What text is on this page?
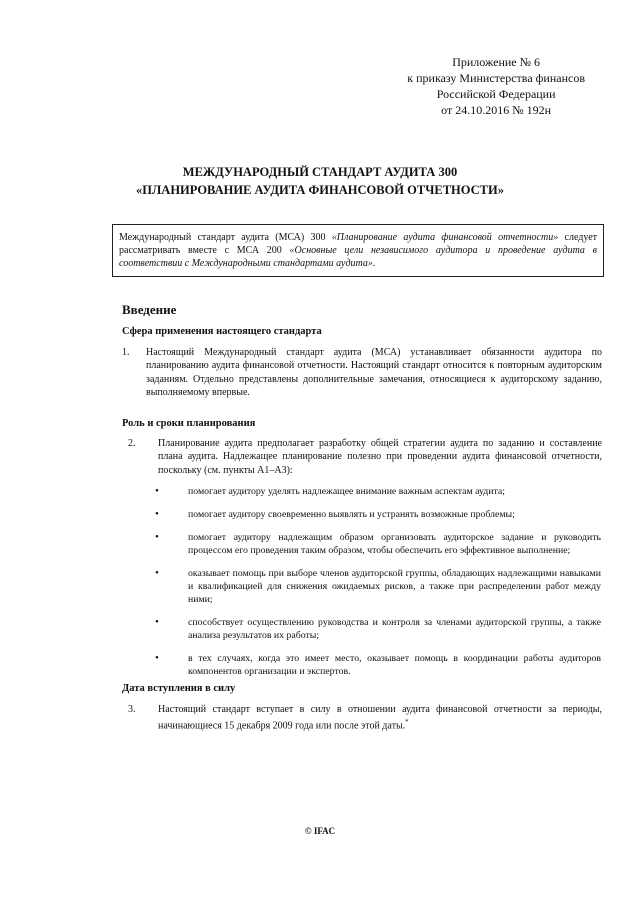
Приложение № 6
к приказу Министерства финансов
Российской Федерации
от 24.10.2016 № 192н
МЕЖДУНАРОДНЫЙ СТАНДАРТ АУДИТА 300
«ПЛАНИРОВАНИЕ АУДИТА ФИНАНСОВОЙ ОТЧЕТНОСТИ»
Международный стандарт аудита (МСА) 300 «Планирование аудита финансовой отчетности» следует рассматривать вместе с МСА 200 «Основные цели независимого аудитора и проведение аудита в соответствии с Международными стандартами аудита».
Введение
Сфера применения настоящего стандарта
1.	Настоящий Международный стандарт аудита (МСА) устанавливает обязанности аудитора по планированию аудита финансовой отчетности. Настоящий стандарт относится к повторным аудиторским заданиям. Отдельно представлены дополнительные замечания, относящиеся к аудиторскому заданию, выполняемому впервые.
Роль и сроки планирования
2.	Планирование аудита предполагает разработку общей стратегии аудита по заданию и составление плана аудита. Надлежащее планирование полезно при проведении аудита финансовой отчетности, поскольку (см. пункты А1–А3):
•	помогает аудитору уделять надлежащее внимание важным аспектам аудита;
•	помогает аудитору своевременно выявлять и устранять возможные проблемы;
•	помогает аудитору надлежащим образом организовать аудиторское задание и руководить процессом его проведения таким образом, чтобы обеспечить его эффективное выполнение;
•	оказывает помощь при выборе членов аудиторской группы, обладающих надлежащими навыками и квалификацией для снижения ожидаемых рисков, а также при распределении работ между ними;
•	способствует осуществлению руководства и контроля за членами аудиторской группы, а также анализа результатов их работы;
•	в тех случаях, когда это имеет место, оказывает помощь в координации работы аудиторов компонентов организации и экспертов.
Дата вступления в силу
3.	Настоящий стандарт вступает в силу в отношении аудита финансовой отчетности за периоды, начинающиеся 15 декабря 2009 года или после этой даты.*
© IFAC
